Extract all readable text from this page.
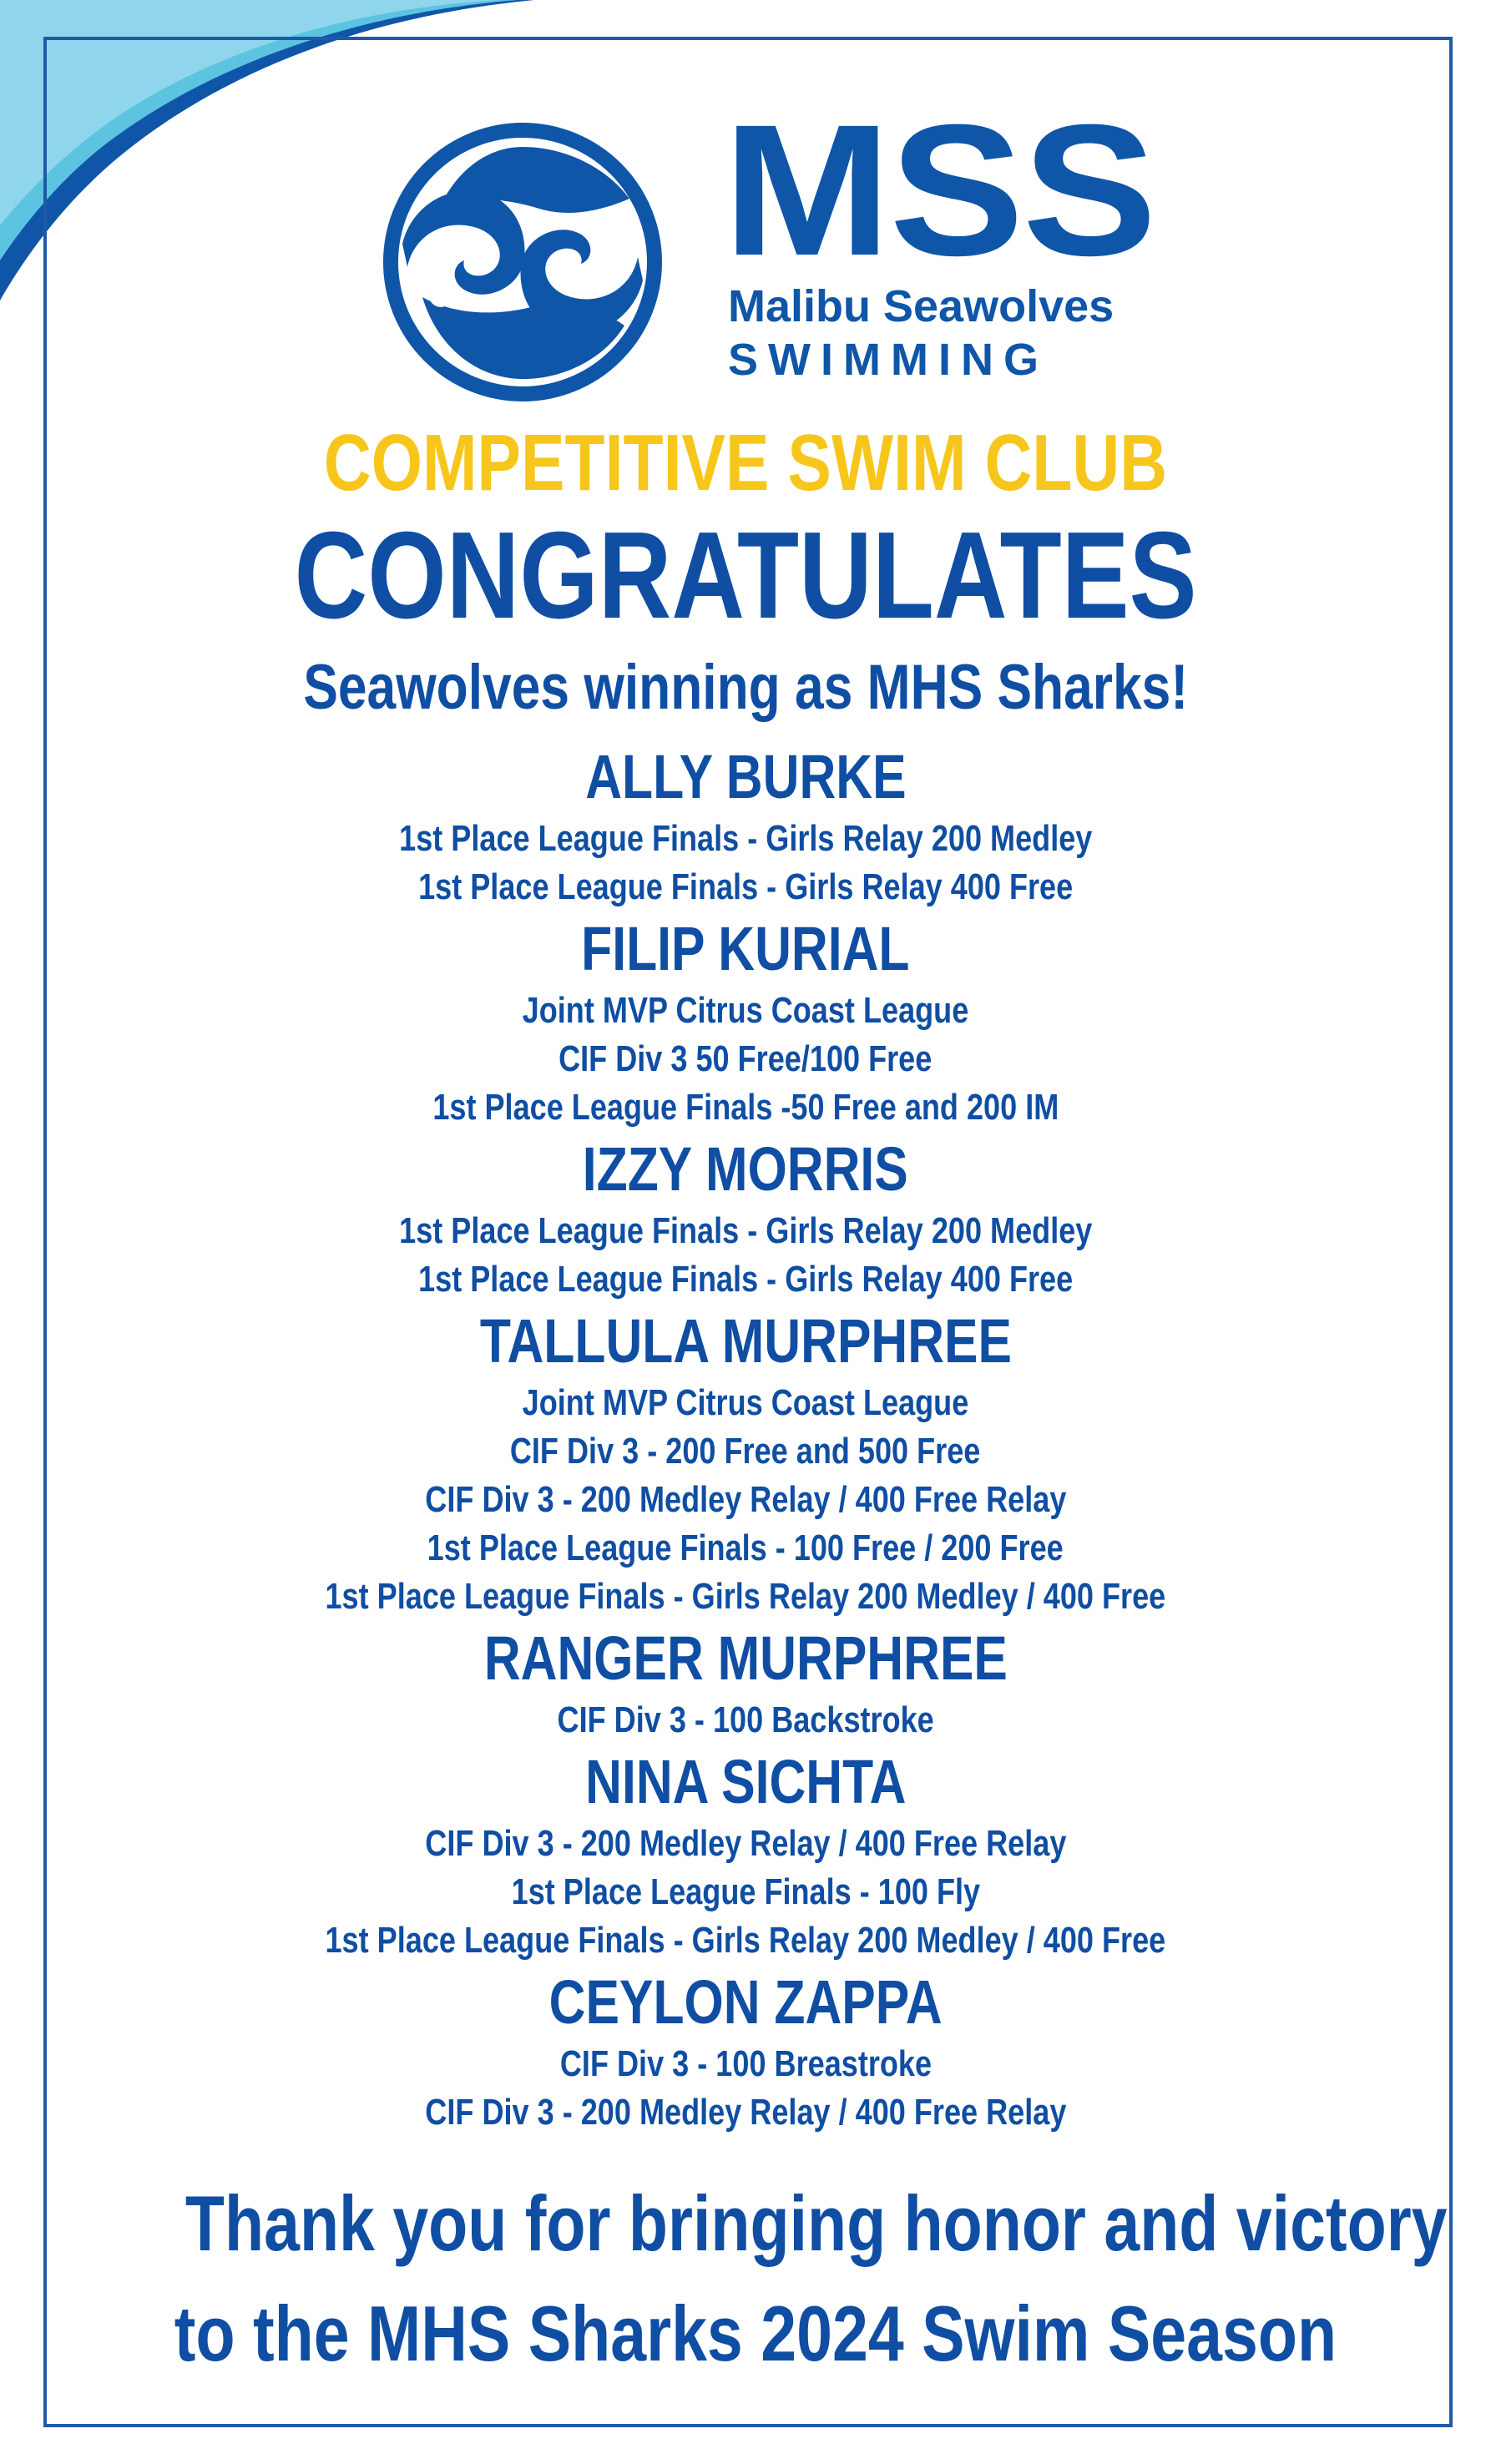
MSS
Malibu Seawolves
SWIMMING
COMPETITIVE SWIM CLUB
CONGRATULATES
Seawolves winning as MHS Sharks!
ALLY BURKE
1st Place League Finals - Girls Relay 200 Medley
1st Place League Finals - Girls Relay 400 Free
FILIP KURIAL
Joint MVP Citrus Coast League
CIF Div 3 50 Free/100 Free
1st Place League Finals -50 Free and 200 IM
IZZY MORRIS
1st Place League Finals - Girls Relay 200 Medley
1st Place League Finals - Girls Relay 400 Free
TALLULA MURPHREE
Joint MVP Citrus Coast League
CIF Div 3 - 200 Free and 500 Free
CIF Div 3 - 200 Medley Relay / 400 Free Relay
1st Place League Finals - 100 Free / 200 Free
1st Place League Finals - Girls Relay 200 Medley / 400 Free
RANGER MURPHREE
CIF Div 3 - 100 Backstroke
NINA SICHTA
CIF Div 3 - 200 Medley Relay / 400 Free Relay
1st Place League Finals - 100 Fly
1st Place League Finals - Girls Relay 200 Medley / 400 Free
CEYLON ZAPPA
CIF Div 3 - 100 Breastroke
CIF Div 3 - 200 Medley Relay / 400 Free Relay
Thank you for bringing honor and victory
to the MHS Sharks 2024 Swim Season
